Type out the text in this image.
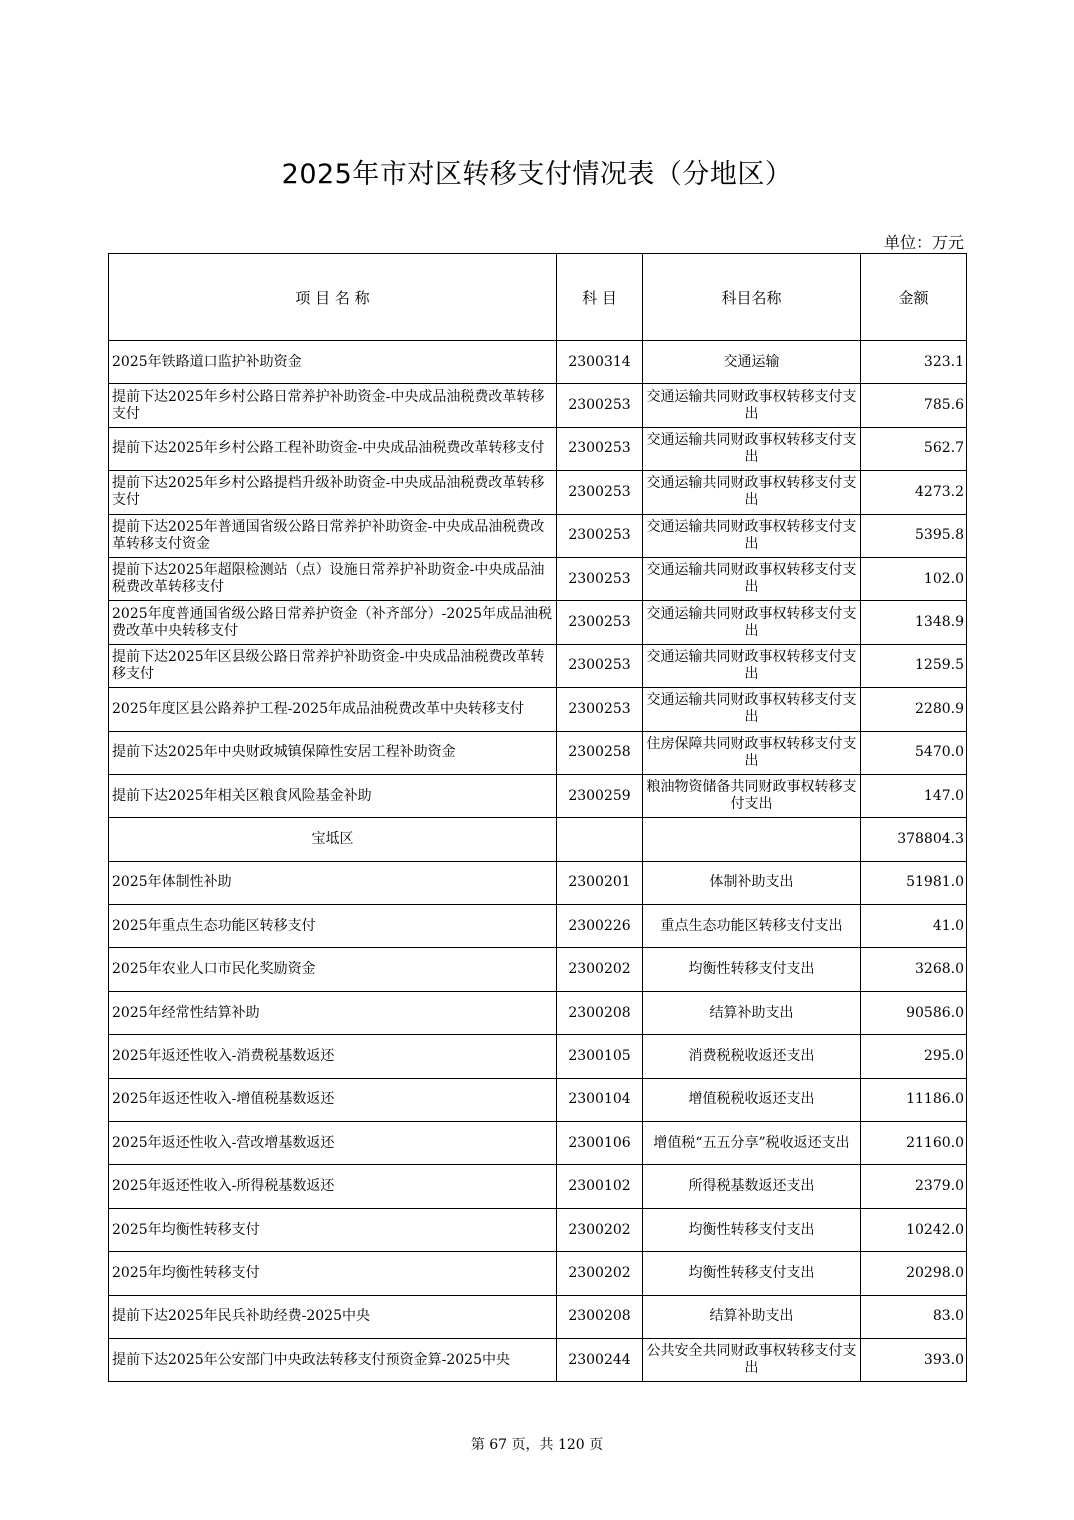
2025年市对区转移支付情况表（分地区）
单位：万元
项 目 名 称	科 目	科目名称	金额
2025年铁路道口监护补助资金	2300314	交通运输	323.1
提前下达2025年乡村公路日常养护补助资金-中央成品油税费改革转移支付	2300253	交通运输共同财政事权转移支付支出	785.6
提前下达2025年乡村公路工程补助资金-中央成品油税费改革转移支付	2300253	交通运输共同财政事权转移支付支出	562.7
提前下达2025年乡村公路提档升级补助资金-中央成品油税费改革转移支付	2300253	交通运输共同财政事权转移支付支出	4273.2
提前下达2025年普通国省级公路日常养护补助资金-中央成品油税费改革转移支付资金	2300253	交通运输共同财政事权转移支付支出	5395.8
提前下达2025年超限检测站（点）设施日常养护补助资金-中央成品油税费改革转移支付	2300253	交通运输共同财政事权转移支付支出	102.0
2025年度普通国省级公路日常养护资金（补齐部分）-2025年成品油税费改革中央转移支付	2300253	交通运输共同财政事权转移支付支出	1348.9
提前下达2025年区县级公路日常养护补助资金-中央成品油税费改革转移支付	2300253	交通运输共同财政事权转移支付支出	1259.5
2025年度区县公路养护工程-2025年成品油税费改革中央转移支付	2300253	交通运输共同财政事权转移支付支出	2280.9
提前下达2025年中央财政城镇保障性安居工程补助资金	2300258	住房保障共同财政事权转移支付支出	5470.0
提前下达2025年相关区粮食风险基金补助	2300259	粮油物资储备共同财政事权转移支付支出	147.0
宝坻区			378804.3
2025年体制性补助	2300201	体制补助支出	51981.0
2025年重点生态功能区转移支付	2300226	重点生态功能区转移支付支出	41.0
2025年农业人口市民化奖励资金	2300202	均衡性转移支付支出	3268.0
2025年经常性结算补助	2300208	结算补助支出	90586.0
2025年返还性收入-消费税基数返还	2300105	消费税税收返还支出	295.0
2025年返还性收入-增值税基数返还	2300104	增值税税收返还支出	11186.0
2025年返还性收入-营改增基数返还	2300106	增值税“五五分享”税收返还支出	21160.0
2025年返还性收入-所得税基数返还	2300102	所得税基数返还支出	2379.0
2025年均衡性转移支付	2300202	均衡性转移支付支出	10242.0
2025年均衡性转移支付	2300202	均衡性转移支付支出	20298.0
提前下达2025年民兵补助经费-2025中央	2300208	结算补助支出	83.0
提前下达2025年公安部门中央政法转移支付预资金算-2025中央	2300244	公共安全共同财政事权转移支付支出	393.0
第 67 页，共 120 页
